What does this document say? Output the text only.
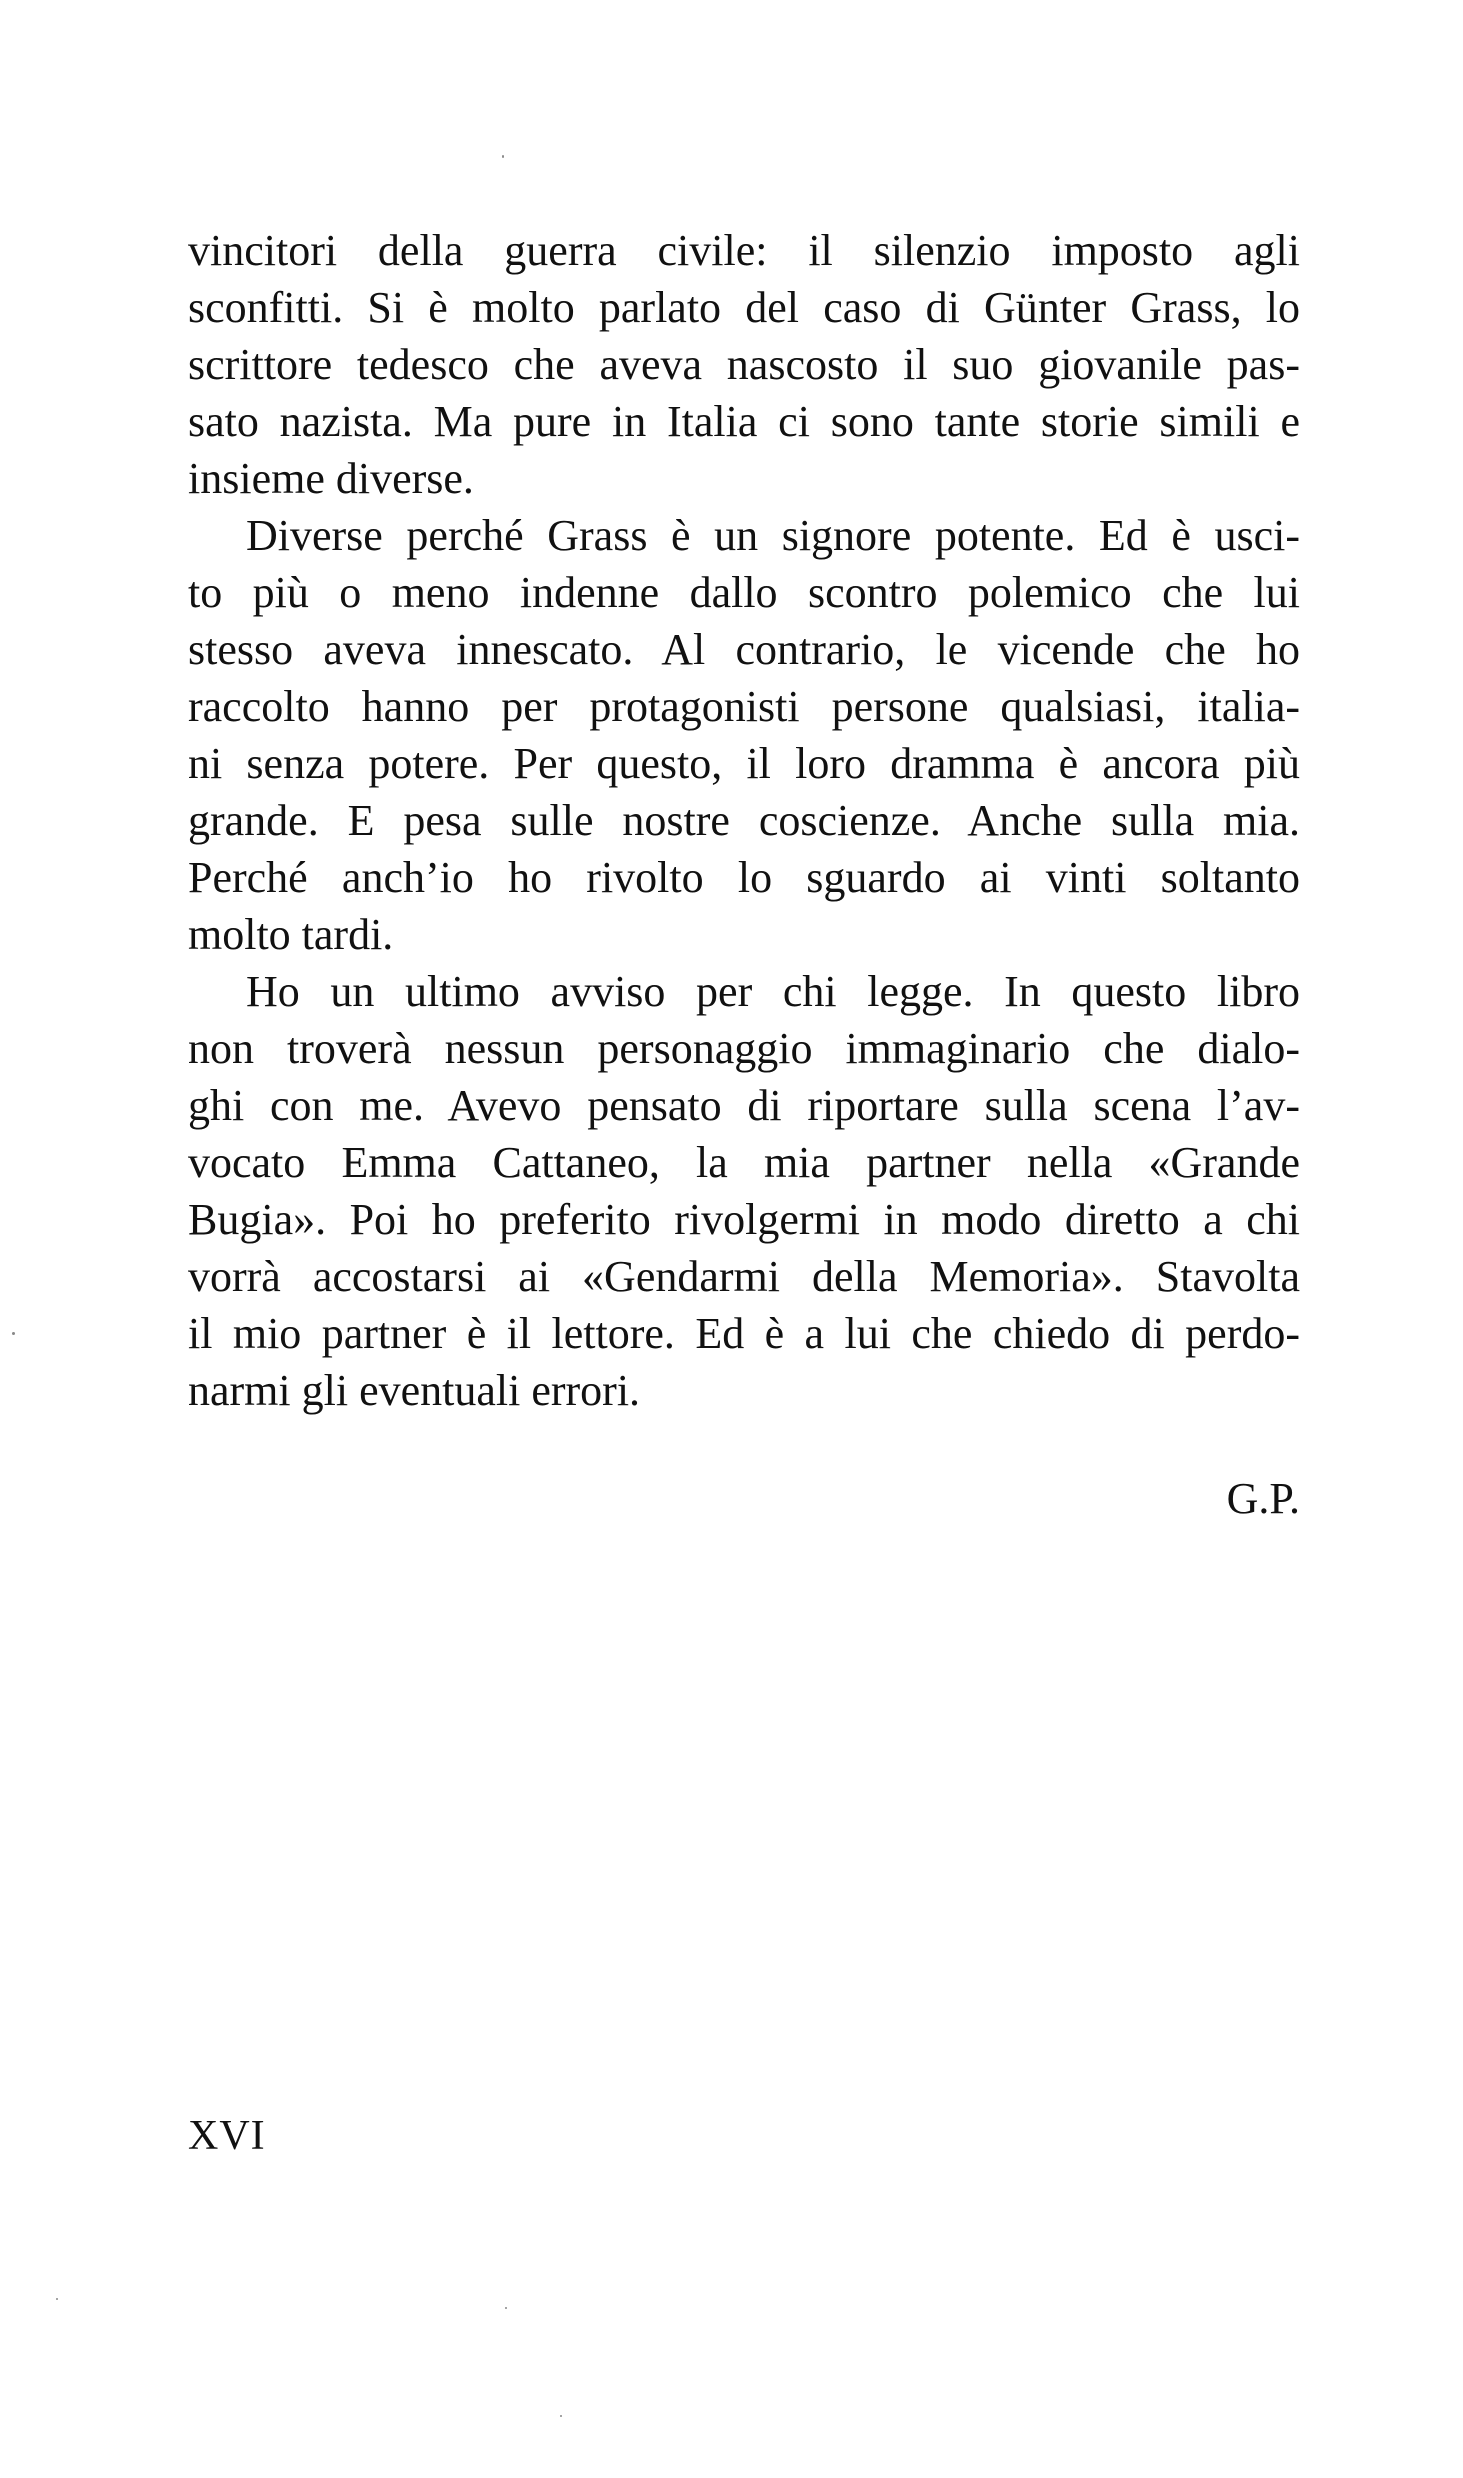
vincitori della guerra civile: il silenzio imposto agli
sconfitti. Si è molto parlato del caso di Günter Grass, lo
scrittore tedesco che aveva nascosto il suo giovanile pas-
sato nazista. Ma pure in Italia ci sono tante storie simili e
insieme diverse.
Diverse perché Grass è un signore potente. Ed è usci-
to più o meno indenne dallo scontro polemico che lui
stesso aveva innescato. Al contrario, le vicende che ho
raccolto hanno per protagonisti persone qualsiasi, italia-
ni senza potere. Per questo, il loro dramma è ancora più
grande. E pesa sulle nostre coscienze. Anche sulla mia.
Perché anch’io ho rivolto lo sguardo ai vinti soltanto
molto tardi.
Ho un ultimo avviso per chi legge. In questo libro
non troverà nessun personaggio immaginario che dialo-
ghi con me. Avevo pensato di riportare sulla scena l’av-
vocato Emma Cattaneo, la mia partner nella «Grande
Bugia». Poi ho preferito rivolgermi in modo diretto a chi
vorrà accostarsi ai «Gendarmi della Memoria». Stavolta
il mio partner è il lettore. Ed è a lui che chiedo di perdo-
narmi gli eventuali errori.
G.P.
XVI
